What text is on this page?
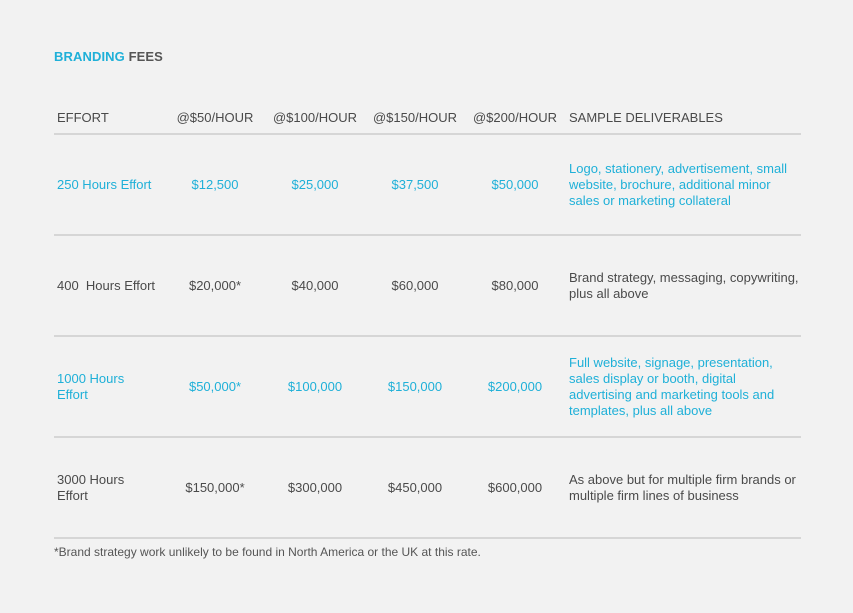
BRANDING FEES
EFFORT	@$50/HOUR	@$100/HOUR	@$150/HOUR	@$200/HOUR	SAMPLE DELIVERABLES
250 Hours Effort	$12,500	$25,000	$37,500	$50,000	Logo, stationery, advertisement, small website, brochure, additional minor sales or marketing collateral
400  Hours Effort	$20,000*	$40,000	$60,000	$80,000	Brand strategy, messaging, copywriting, plus all above
1000 Hours Effort	$50,000*	$100,000	$150,000	$200,000	Full website, signage, presentation, sales display or booth, digital advertising and marketing tools and templates, plus all above
3000 Hours Effort	$150,000*	$300,000	$450,000	$600,000	As above but for multiple firm brands or multiple firm lines of business
*Brand strategy work unlikely to be found in North America or the UK at this rate.
